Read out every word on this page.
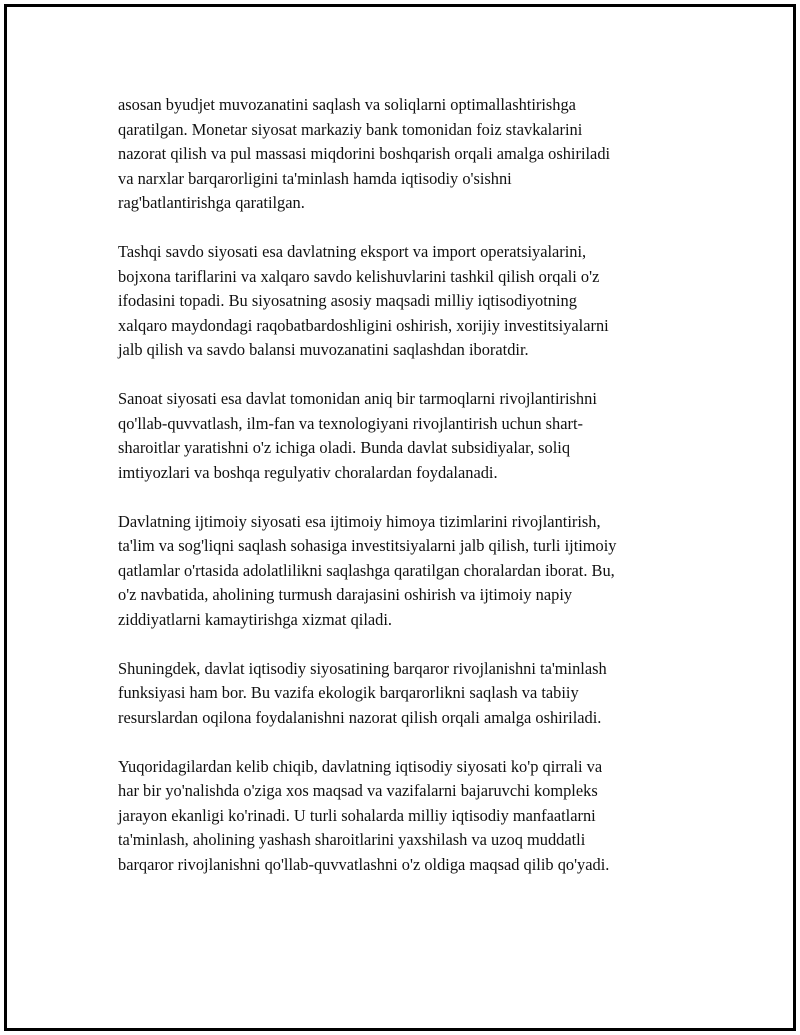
asosan byudjet muvozanatini saqlash va soliqlarni optimallashtirishga
qaratilgan. Monetar siyosat markaziy bank tomonidan foiz stavkalarini
nazorat qilish va pul massasi miqdorini boshqarish orqali amalga oshiriladi
va narxlar barqarorligini ta'minlash hamda iqtisodiy o'sishni
rag'batlantirishga qaratilgan.

Tashqi savdo siyosati esa davlatning eksport va import operatsiyalarini,
bojxona tariflarini va xalqaro savdo kelishuvlarini tashkil qilish orqali o'z
ifodasini topadi. Bu siyosatning asosiy maqsadi milliy iqtisodiyotning
xalqaro maydondagi raqobatbardoshligini oshirish, xorijiy investitsiyalarni
jalb qilish va savdo balansi muvozanatini saqlashdan iboratdir.

Sanoat siyosati esa davlat tomonidan aniq bir tarmoqlarni rivojlantirishni
qo'llab-quvvatlash, ilm-fan va texnologiyani rivojlantirish uchun shart-
sharoitlar yaratishni o'z ichiga oladi. Bunda davlat subsidiyalar, soliq
imtiyozlari va boshqa regulyativ choralardan foydalanadi.

Davlatning ijtimoiy siyosati esa ijtimoiy himoya tizimlarini rivojlantirish,
ta'lim va sog'liqni saqlash sohasiga investitsiyalarni jalb qilish, turli ijtimoiy
qatlamlar o'rtasida adolatlilikni saqlashga qaratilgan choralardan iborat. Bu,
o'z navbatida, aholining turmush darajasini oshirish va ijtimoiy napiy
ziddiyatlarni kamaytirishga xizmat qiladi.

Shuningdek, davlat iqtisodiy siyosatining barqaror rivojlanishni ta'minlash
funksiyasi ham bor. Bu vazifa ekologik barqarorlikni saqlash va tabiiy
resurslardan oqilona foydalanishni nazorat qilish orqali amalga oshiriladi.

Yuqoridagilardan kelib chiqib, davlatning iqtisodiy siyosati ko'p qirrali va
har bir yo'nalishda o'ziga xos maqsad va vazifalarni bajaruvchi kompleks
jarayon ekanligi ko'rinadi. U turli sohalarda milliy iqtisodiy manfaatlarni
ta'minlash, aholining yashash sharoitlarini yaxshilash va uzoq muddatli
barqaror rivojlanishni qo'llab-quvvatlashni o'z oldiga maqsad qilib qo'yadi.
